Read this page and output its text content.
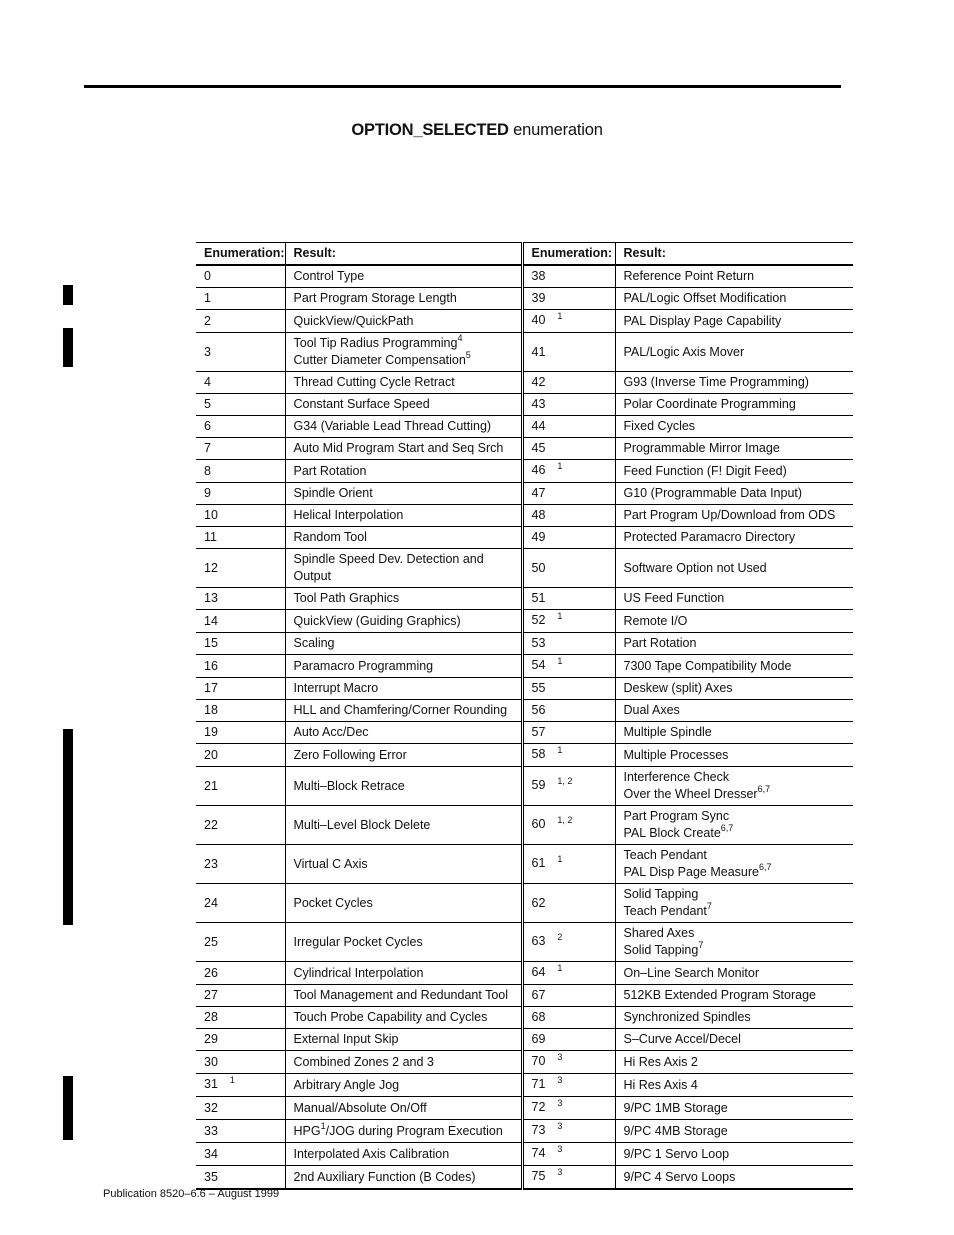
OPTION_SELECTED enumeration
Enumeration:	Result:	Enumeration:	Result:
0	Control Type	38	Reference Point Return

1	Part Program Storage Length	39	PAL/Logic Offset Modification

2	QuickView/QuickPath	40 $^1$	PAL Display Page Capability

3	Tool Tip Radius Programming$^4$
Cutter Diameter Compensation$^5$	41	PAL/Logic Axis Mover

4	Thread Cutting Cycle Retract	42	G93 (Inverse Time Programming)

5	Constant Surface Speed	43	Polar Coordinate Programming

6	G34 (Variable Lead Thread Cutting)	44	Fixed Cycles

7	Auto Mid Program Start and Seq Srch	45	Programmable Mirror Image

8	Part Rotation	46 $^1$	Feed Function (F! Digit Feed)

9	Spindle Orient	47	G10 (Programmable Data Input)

10	Helical Interpolation	48	Part Program Up/Download from ODS

11	Random Tool	49	Protected Paramacro Directory

12	Spindle Speed Dev. Detection and Output	50	Software Option not Used

13	Tool Path Graphics	51	US Feed Function

14	QuickView (Guiding Graphics)	52 $^1$	Remote I/O

15	Scaling	53	Part Rotation

16	Paramacro Programming	54 $^1$	7300 Tape Compatibility Mode

17	Interrupt Macro	55	Deskew (split) Axes

18	HLL and Chamfering/Corner Rounding	56	Dual Axes

19	Auto Acc/Dec	57	Multiple Spindle

20	Zero Following Error	58 $^1$	Multiple Processes

21	Multi–Block Retrace	59 $^{1, 2}$	Interference Check
Over the Wheel Dresser$^{6,7}$

22	Multi–Level Block Delete	60 $^{1, 2}$	Part Program Sync
PAL Block Create$^{6,7}$

23	Virtual C Axis	61 $^1$	Teach Pendant
PAL Disp Page Measure$^{6,7}$

24	Pocket Cycles	62	Solid Tapping
Teach Pendant$^7$

25	Irregular Pocket Cycles	63 $^2$	Shared Axes
Solid Tapping$^7$

26	Cylindrical Interpolation	64 $^1$	On–Line Search Monitor

27	Tool Management and Redundant Tool	67	512KB Extended Program Storage

28	Touch Probe Capability and Cycles	68	Synchronized Spindles

29	External Input Skip	69	S–Curve Accel/Decel

30	Combined Zones 2 and 3	70 $^3$	Hi Res Axis 2

31 $^1$	Arbitrary Angle Jog	71 $^3$	Hi Res Axis 4

32	Manual/Absolute On/Off	72 $^3$	9/PC 1MB Storage

33	HPG$^1$/JOG during Program Execution	73 $^3$	9/PC 4MB Storage

34	Interpolated Axis Calibration	74 $^3$	9/PC 1 Servo Loop

35	2nd Auxiliary Function (B Codes)	75 $^3$	9/PC 4 Servo Loops
Publication 8520–6.6 – August 1999
